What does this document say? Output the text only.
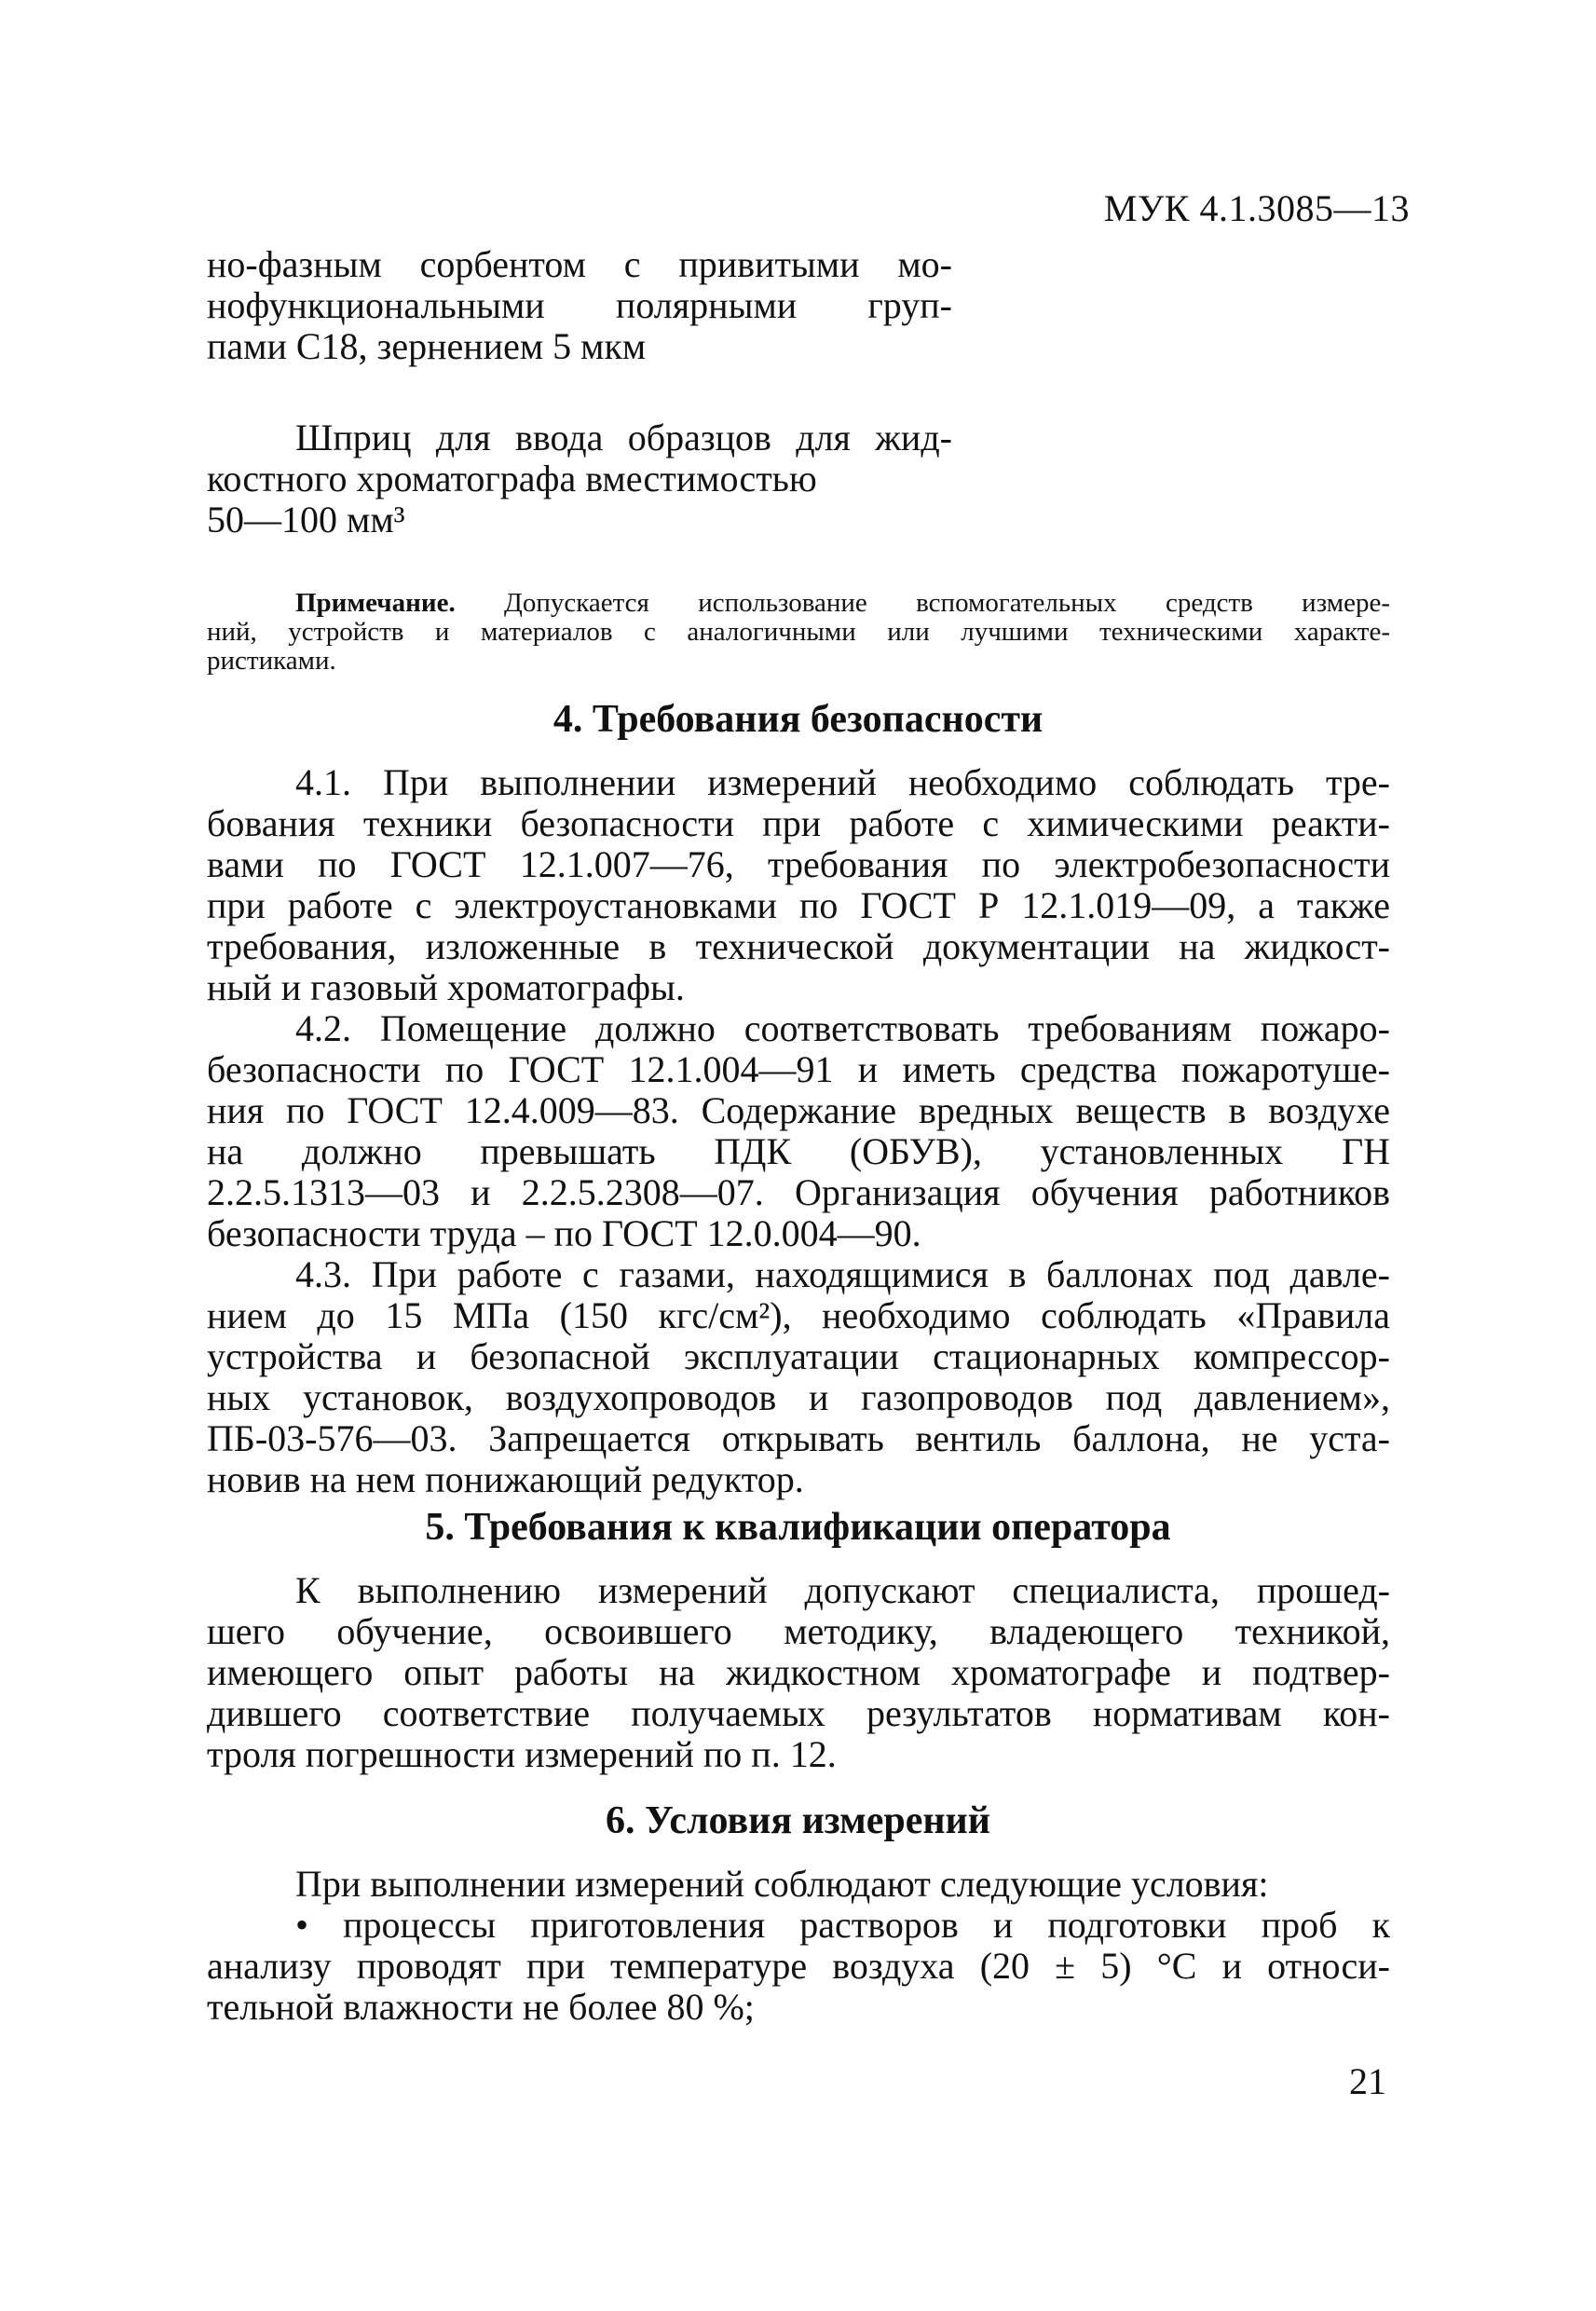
МУК 4.1.3085—13
но-фазным сорбентом с привитыми мо-
нофункциональными полярными груп-
пами С18, зернением 5 мкм
Шприц для ввода образцов для жид-
костного хроматографа вместимостью
50—100 мм³
Примечание. Допускается использование вспомогательных средств измере-
ний, устройств и материалов с аналогичными или лучшими техническими характе-
ристиками.
4. Требования безопасности
4.1. При выполнении измерений необходимо соблюдать тре-
бования техники безопасности при работе с химическими реакти-
вами по ГОСТ 12.1.007—76, требования по электробезопасности
при работе с электроустановками по ГОСТ Р 12.1.019—09, а также
требования, изложенные в технической документации на жидкост-
ный и газовый хроматографы.
4.2. Помещение должно соответствовать требованиям пожаро-
безопасности по ГОСТ 12.1.004—91 и иметь средства пожаротуше-
ния по ГОСТ 12.4.009—83. Содержание вредных веществ в воздухе
на должно превышать ПДК (ОБУВ), установленных ГН
2.2.5.1313—03 и 2.2.5.2308—07. Организация обучения работников
безопасности труда – по ГОСТ 12.0.004—90.
4.3. При работе с газами, находящимися в баллонах под давле-
нием до 15 МПа (150 кгс/см²), необходимо соблюдать «Правила
устройства и безопасной эксплуатации стационарных компрессор-
ных установок, воздухопроводов и газопроводов под давлением»,
ПБ-03-576—03. Запрещается открывать вентиль баллона, не уста-
новив на нем понижающий редуктор.
5. Требования к квалификации оператора
К выполнению измерений допускают специалиста, прошед-
шего обучение, освоившего методику, владеющего техникой,
имеющего опыт работы на жидкостном хроматографе и подтвер-
дившего соответствие получаемых результатов нормативам кон-
троля погрешности измерений по п. 12.
6. Условия измерений
При выполнении измерений соблюдают следующие условия:
• процессы приготовления растворов и подготовки проб к
анализу проводят при температуре воздуха (20 ± 5) °С и относи-
тельной влажности не более 80 %;
21
